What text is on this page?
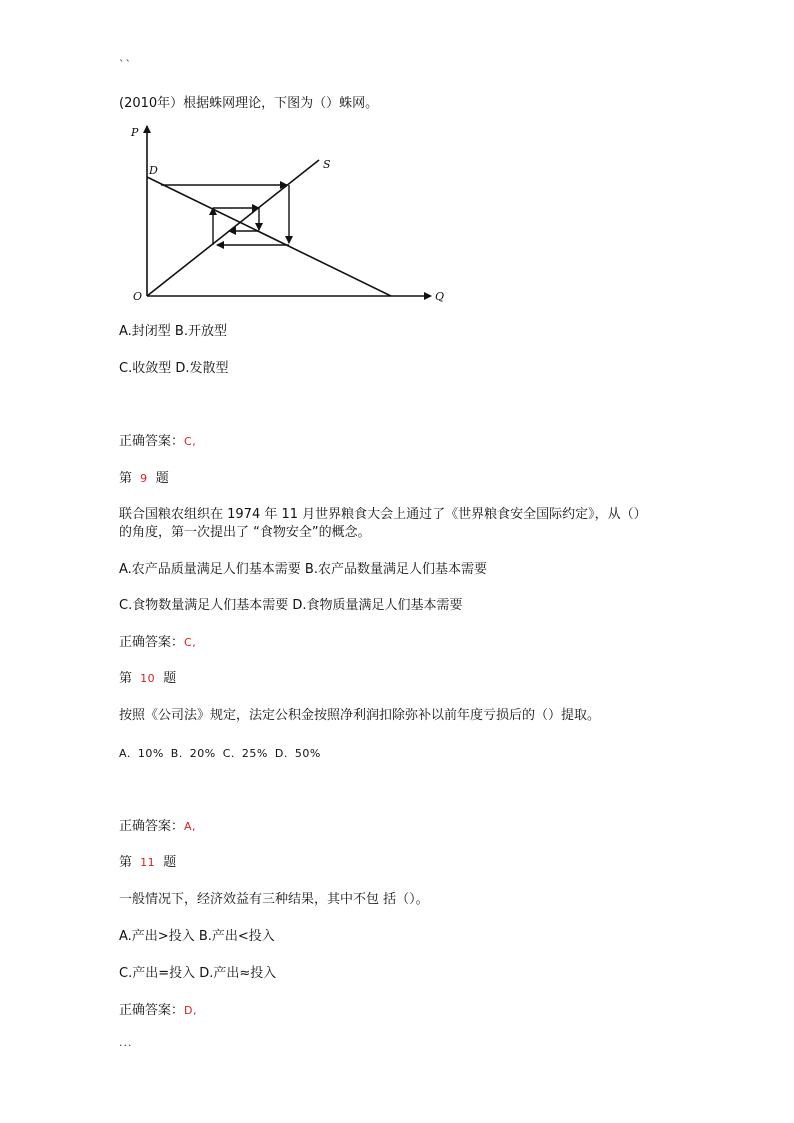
``
(2010年）根据蛛网理论，下图为（）蛛网。
P
Q
O
D	S
A.封闭型 B.开放型
C.收敛型 D.发散型
正确答案：C,
第 9 题
联合国粮农组织在 1974 年 11 月世界粮食大会上通过了《世界粮食安全国际约定》，从（）
的角度，第一次提出了 “食物安全”的概念。
A.农产品质量满足人们基本需要 B.农产品数量满足人们基本需要
C.食物数量满足人们基本需要 D.食物质量满足人们基本需要
正确答案：C,
第 10 题
按照《公司法》规定，法定公积金按照净利润扣除弥补以前年度亏损后的（）提取。
A. 10% B. 20% C. 25% D. 50%
正确答案：A,
第 11 题
一般情况下，经济效益有三种结果，其中不包 括（）。
A.产出>投入 B.产出<投入
C.产出=投入 D.产出≈投入
正确答案：D,
...
